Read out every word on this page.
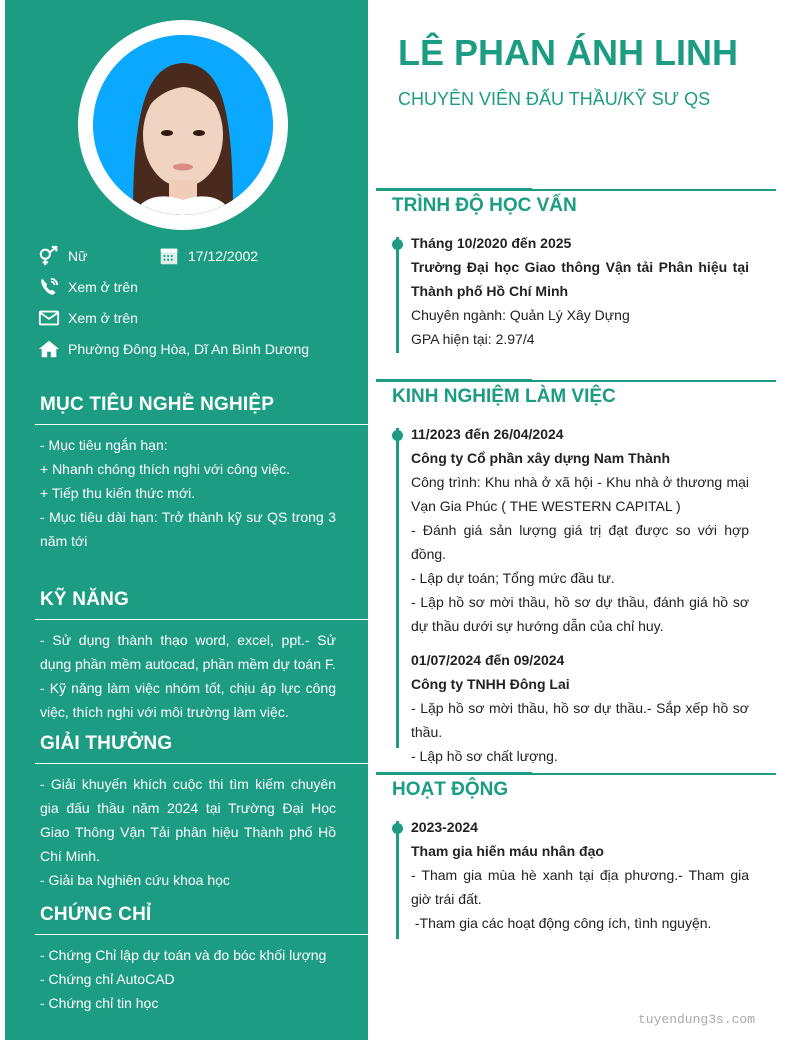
Nữ	17/12/2002
Xem ở trên
Xem ở trên
Phường Đông Hòa, Dĩ An Bình Dương
MỤC TIÊU NGHỀ NGHIỆP
- Mục tiêu ngắn hạn:
+ Nhanh chóng thích nghi với công việc.
+ Tiếp thu kiến thức mới.
- Mục tiêu dài hạn: Trở thành kỹ sư QS trong 3 năm tới
KỸ NĂNG
- Sử dụng thành thạo word, excel, ppt.- Sử dụng phần mềm autocad, phần mềm dự toán F.
- Kỹ năng làm việc nhóm tốt, chịu áp lực công việc, thích nghi với môi trường làm việc.
GIẢI THƯỞNG
- Giải khuyến khích cuộc thi tìm kiếm chuyên gia đấu thầu năm 2024 tại Trường Đại Học Giao Thông Vận Tải phân hiệu Thành phố Hồ Chí Minh.
- Giải ba Nghiên cứu khoa học
CHỨNG CHỈ
- Chứng Chỉ lập dự toán và đo bóc khối lượng
- Chứng chỉ AutoCAD
- Chứng chỉ tin học
LÊ PHAN ÁNH LINH
CHUYÊN VIÊN ĐẤU THẦU/KỸ SƯ QS
TRÌNH ĐỘ HỌC VẤN
Tháng 10/2020 đến 2025
Trường Đại học Giao thông Vận tải Phân hiệu tại Thành phố Hồ Chí Minh
Chuyên ngành: Quản Lý Xây Dựng
GPA hiện tại: 2.97/4
KINH NGHIỆM LÀM VIỆC
11/2023 đến 26/04/2024
Công ty Cổ phần xây dựng Nam Thành
Công trình: Khu nhà ở xã hội - Khu nhà ở thương mại Vạn Gia Phúc ( THE WESTERN CAPITAL )
- Đánh giá sản lượng giá trị đạt được so với hợp đồng.
- Lập dự toán; Tổng mức đầu tư.
- Lập hồ sơ mời thầu, hồ sơ dự thầu, đánh giá hồ sơ dự thầu dưới sự hướng dẫn của chỉ huy.
01/07/2024 đến 09/2024
Công ty TNHH Đông Lai
- Lặp hồ sơ mời thầu, hồ sơ dự thầu.- Sắp xếp hồ sơ thầu.
- Lập hồ sơ chất lượng.
HOẠT ĐỘNG
2023-2024
Tham gia hiến máu nhân đạo
- Tham gia mùa hè xanh tại địa phương.- Tham gia giờ trái đất.
-Tham gia các hoạt động công ích, tình nguyện.
tuyendung3s.com
